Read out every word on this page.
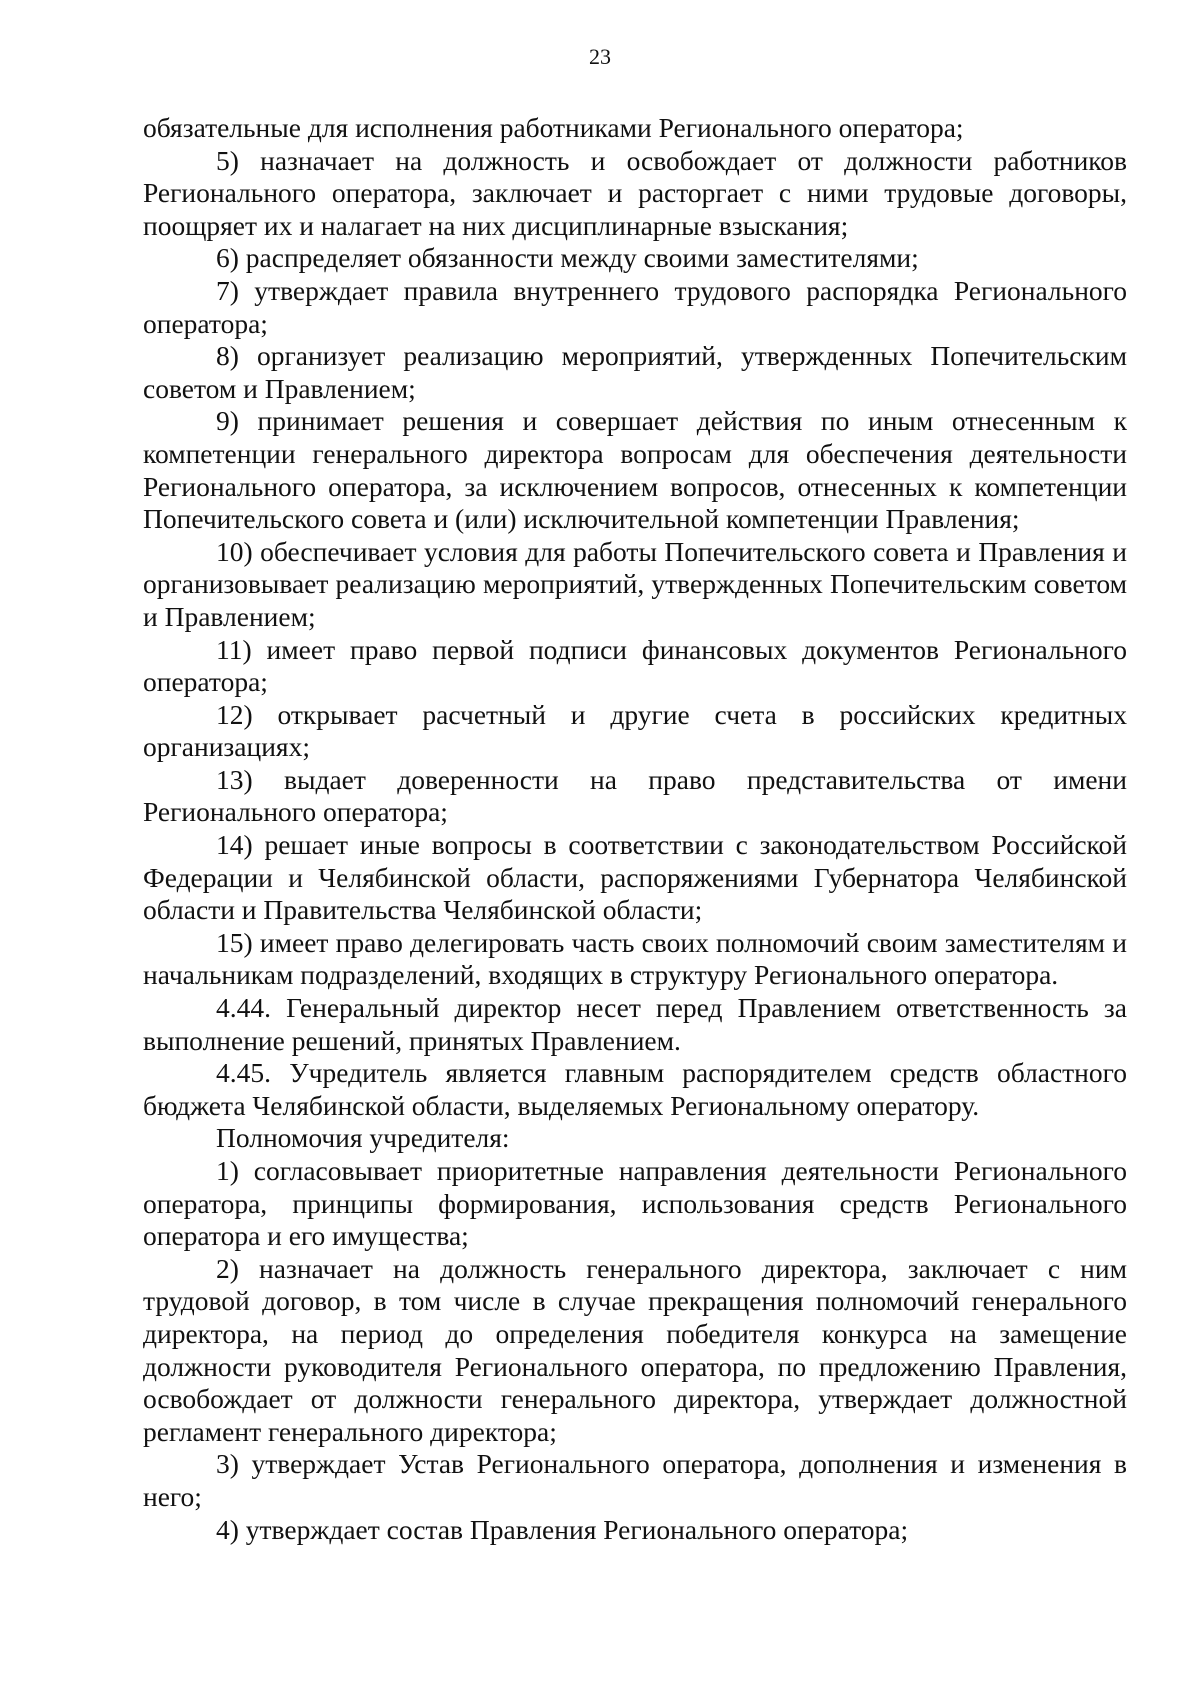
23

обязательные для исполнения работниками Регионального оператора;

5) назначает на должность и освобождает от должности работников Регионального оператора, заключает и расторгает с ними трудовые договоры, поощряет их и налагает на них дисциплинарные взыскания;

6) распределяет обязанности между своими заместителями;

7) утверждает правила внутреннего трудового распорядка Регионального оператора;

8) организует реализацию мероприятий, утвержденных Попечительским советом и Правлением;

9) принимает решения и совершает действия по иным отнесенным к компетенции генерального директора вопросам для обеспечения деятельности Регионального оператора, за исключением вопросов, отнесенных к компетенции Попечительского совета и (или) исключительной компетенции Правления;

10) обеспечивает условия для работы Попечительского совета и Правления и организовывает реализацию мероприятий, утвержденных Попечительским советом и Правлением;

11) имеет право первой подписи финансовых документов Регионального оператора;

12) открывает расчетный и другие счета в российских кредитных организациях;

13) выдает доверенности на право представительства от имени Регионального оператора;

14) решает иные вопросы в соответствии с законодательством Российской Федерации и Челябинской области, распоряжениями Губернатора Челябинской области и Правительства Челябинской области;

15) имеет право делегировать часть своих полномочий своим заместителям и начальникам подразделений, входящих в структуру Регионального оператора.

4.44. Генеральный директор несет перед Правлением ответственность за выполнение решений, принятых Правлением.

4.45. Учредитель является главным распорядителем средств областного бюджета Челябинской области, выделяемых Региональному оператору.

Полномочия учредителя:

1) согласовывает приоритетные направления деятельности Регионального оператора, принципы формирования, использования средств Регионального оператора и его имущества;

2) назначает на должность генерального директора, заключает с ним трудовой договор, в том числе в случае прекращения полномочий генерального директора, на период до определения победителя конкурса на замещение должности руководителя Регионального оператора, по предложению Правления, освобождает от должности генерального директора, утверждает должностной регламент генерального директора;

3) утверждает Устав Регионального оператора, дополнения и изменения в него;

4) утверждает состав Правления Регионального оператора;
